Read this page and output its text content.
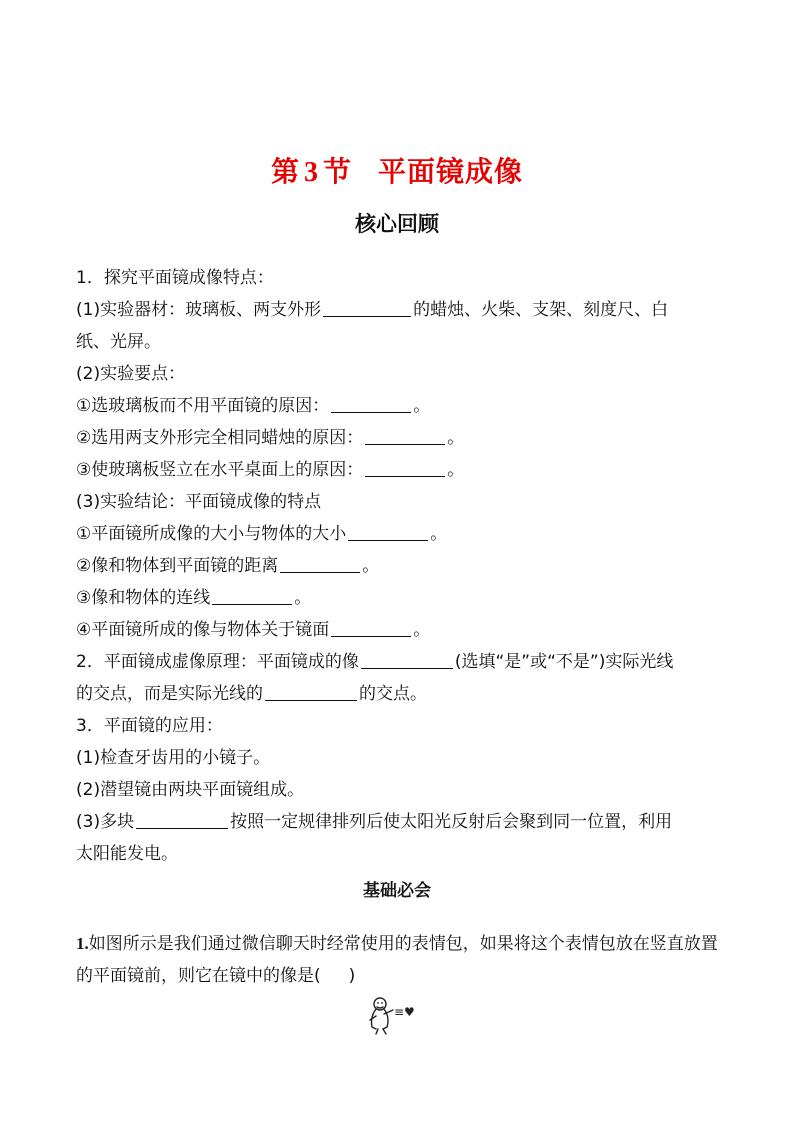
第 3 节 平面镜成像
核心回顾
1．探究平面镜成像特点：
(1)实验器材：玻璃板、两支外形	的蜡烛、火柴、支架、刻度尺、白
纸、光屏。
(2)实验要点：
①选玻璃板而不用平面镜的原因：	。
②选用两支外形完全相同蜡烛的原因：	。
③使玻璃板竖立在水平桌面上的原因：	。
(3)实验结论：平面镜成像的特点
①平面镜所成像的大小与物体的大小	。
②像和物体到平面镜的距离	。
③像和物体的连线	。
④平面镜所成的像与物体关于镜面	。
2．平面镜成虚像原理：平面镜成的像	(选填“是”或“不是”)实际光线
的交点，而是实际光线的	的交点。
3．平面镜的应用：
(1)检查牙齿用的小镜子。
(2)潜望镜由两块平面镜组成。
(3)多块	按照一定规律排列后使太阳光反射后会聚到同一位置，利用
太阳能发电。
基础必会
1.如图所示是我们通过微信聊天时经常使用的表情包，如果将这个表情包放在竖直放置的平面镜前，则它在镜中的像是( )
≡♥
